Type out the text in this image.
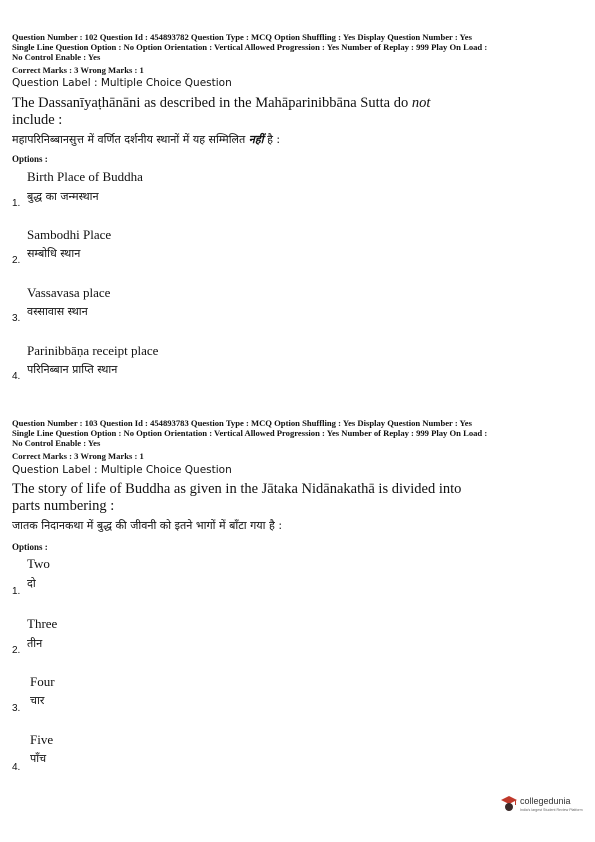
Question Number : 102 Question Id : 454893782 Question Type : MCQ Option Shuffling : Yes Display Question Number : Yes
Single Line Question Option : No Option Orientation : Vertical Allowed Progression : Yes Number of Replay : 999 Play On Load :
No Control Enable : Yes
Correct Marks : 3 Wrong Marks : 1
Question Label : Multiple Choice Question
The Dassanīyaṭhānāni as described in the Mahāparinibbāna Sutta do not
include :
महापरिनिब्बानसुत्त में वर्णित दर्शनीय स्थानों में यह सम्मिलित नहीं है :
Options :
Birth Place of Buddha
बुद्ध का जन्मस्थान
1.
Sambodhi Place
सम्बोधि स्थान
2.
Vassavasa place
वस्सावास स्थान
3.
Parinibbāṇa receipt place
परिनिब्बान प्राप्ति स्थान
4.
Question Number : 103 Question Id : 454893783 Question Type : MCQ Option Shuffling : Yes Display Question Number : Yes
Single Line Question Option : No Option Orientation : Vertical Allowed Progression : Yes Number of Replay : 999 Play On Load :
No Control Enable : Yes
Correct Marks : 3 Wrong Marks : 1
Question Label : Multiple Choice Question
The story of life of Buddha as given in the Jātaka Nidānakathā is divided into
parts numbering :
जातक निदानकथा में बुद्ध की जीवनी को इतने भागों में बाँटा गया है :
Options :
Two
दो
1.
Three
तीन
2.
Four
चार
3.
Five
पाँच
4.
collegedunia
India's largest Student Review Platform
